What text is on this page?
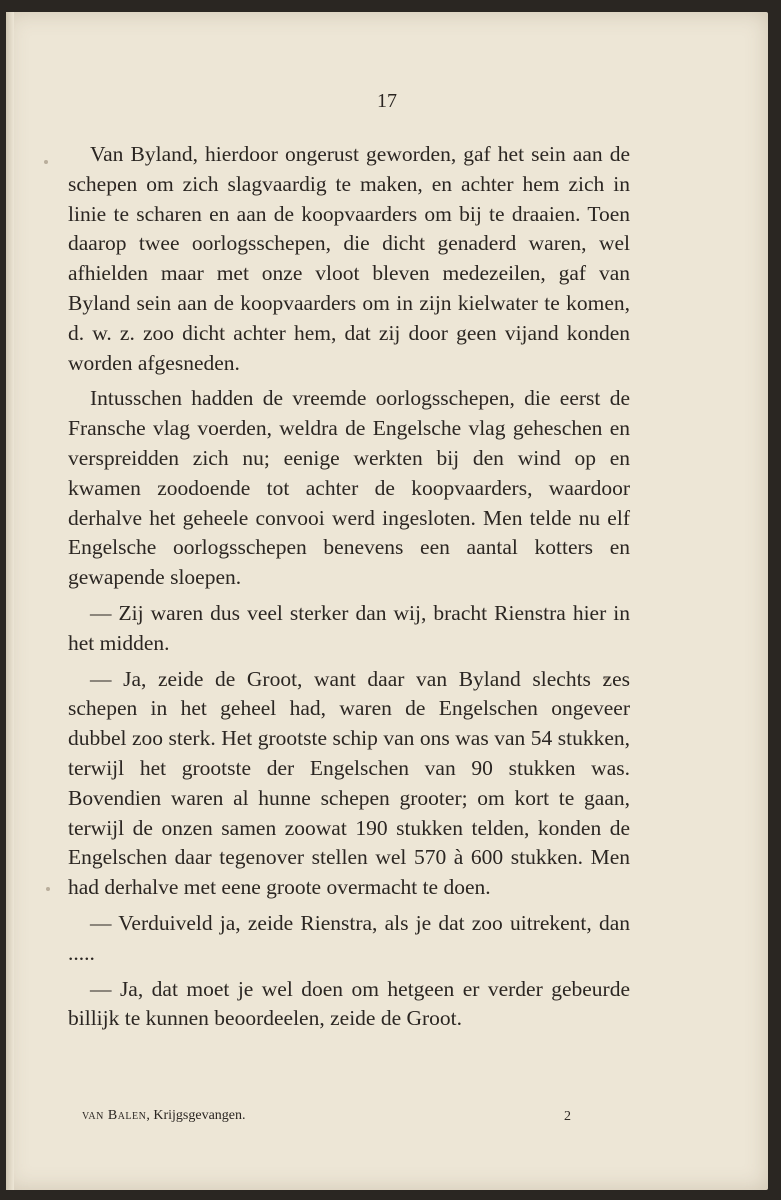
17

Van Byland, hierdoor ongerust geworden, gaf het sein aan de schepen om zich slagvaardig te maken, en achter hem zich in linie te scharen en aan de koopvaarders om bij te draaien. Toen daarop twee oorlogsschepen, die dicht genaderd waren, wel afhielden maar met onze vloot bleven medezeilen, gaf van Byland sein aan de koopvaarders om in zijn kielwater te komen, d. w. z. zoo dicht achter hem, dat zij door geen vijand konden worden afgesneden.

Intusschen hadden de vreemde oorlogsschepen, die eerst de Fransche vlag voerden, weldra de Engelsche vlag geheschen en verspreidden zich nu; eenige werkten bij den wind op en kwamen zoodoende tot achter de koopvaarders, waardoor derhalve het geheele convooi werd ingesloten. Men telde nu elf Engelsche oorlogsschepen benevens een aantal kotters en gewapende sloepen.

— Zij waren dus veel sterker dan wij, bracht Rienstra hier in het midden.

— Ja, zeide de Groot, want daar van Byland slechts zes schepen in het geheel had, waren de Engelschen ongeveer dubbel zoo sterk. Het grootste schip van ons was van 54 stukken, terwijl het grootste der Engelschen van 90 stukken was. Bovendien waren al hunne schepen grooter; om kort te gaan, terwijl de onzen samen zoowat 190 stukken telden, konden de Engelschen daar tegenover stellen wel 570 à 600 stukken. Men had derhalve met eene groote overmacht te doen.

— Verduiveld ja, zeide Rienstra, als je dat zoo uitrekent, dan .....

— Ja, dat moet je wel doen om hetgeen er verder gebeurde billijk te kunnen beoordeelen, zeide de Groot.

van Balen, Krijgsgevangen.	2
